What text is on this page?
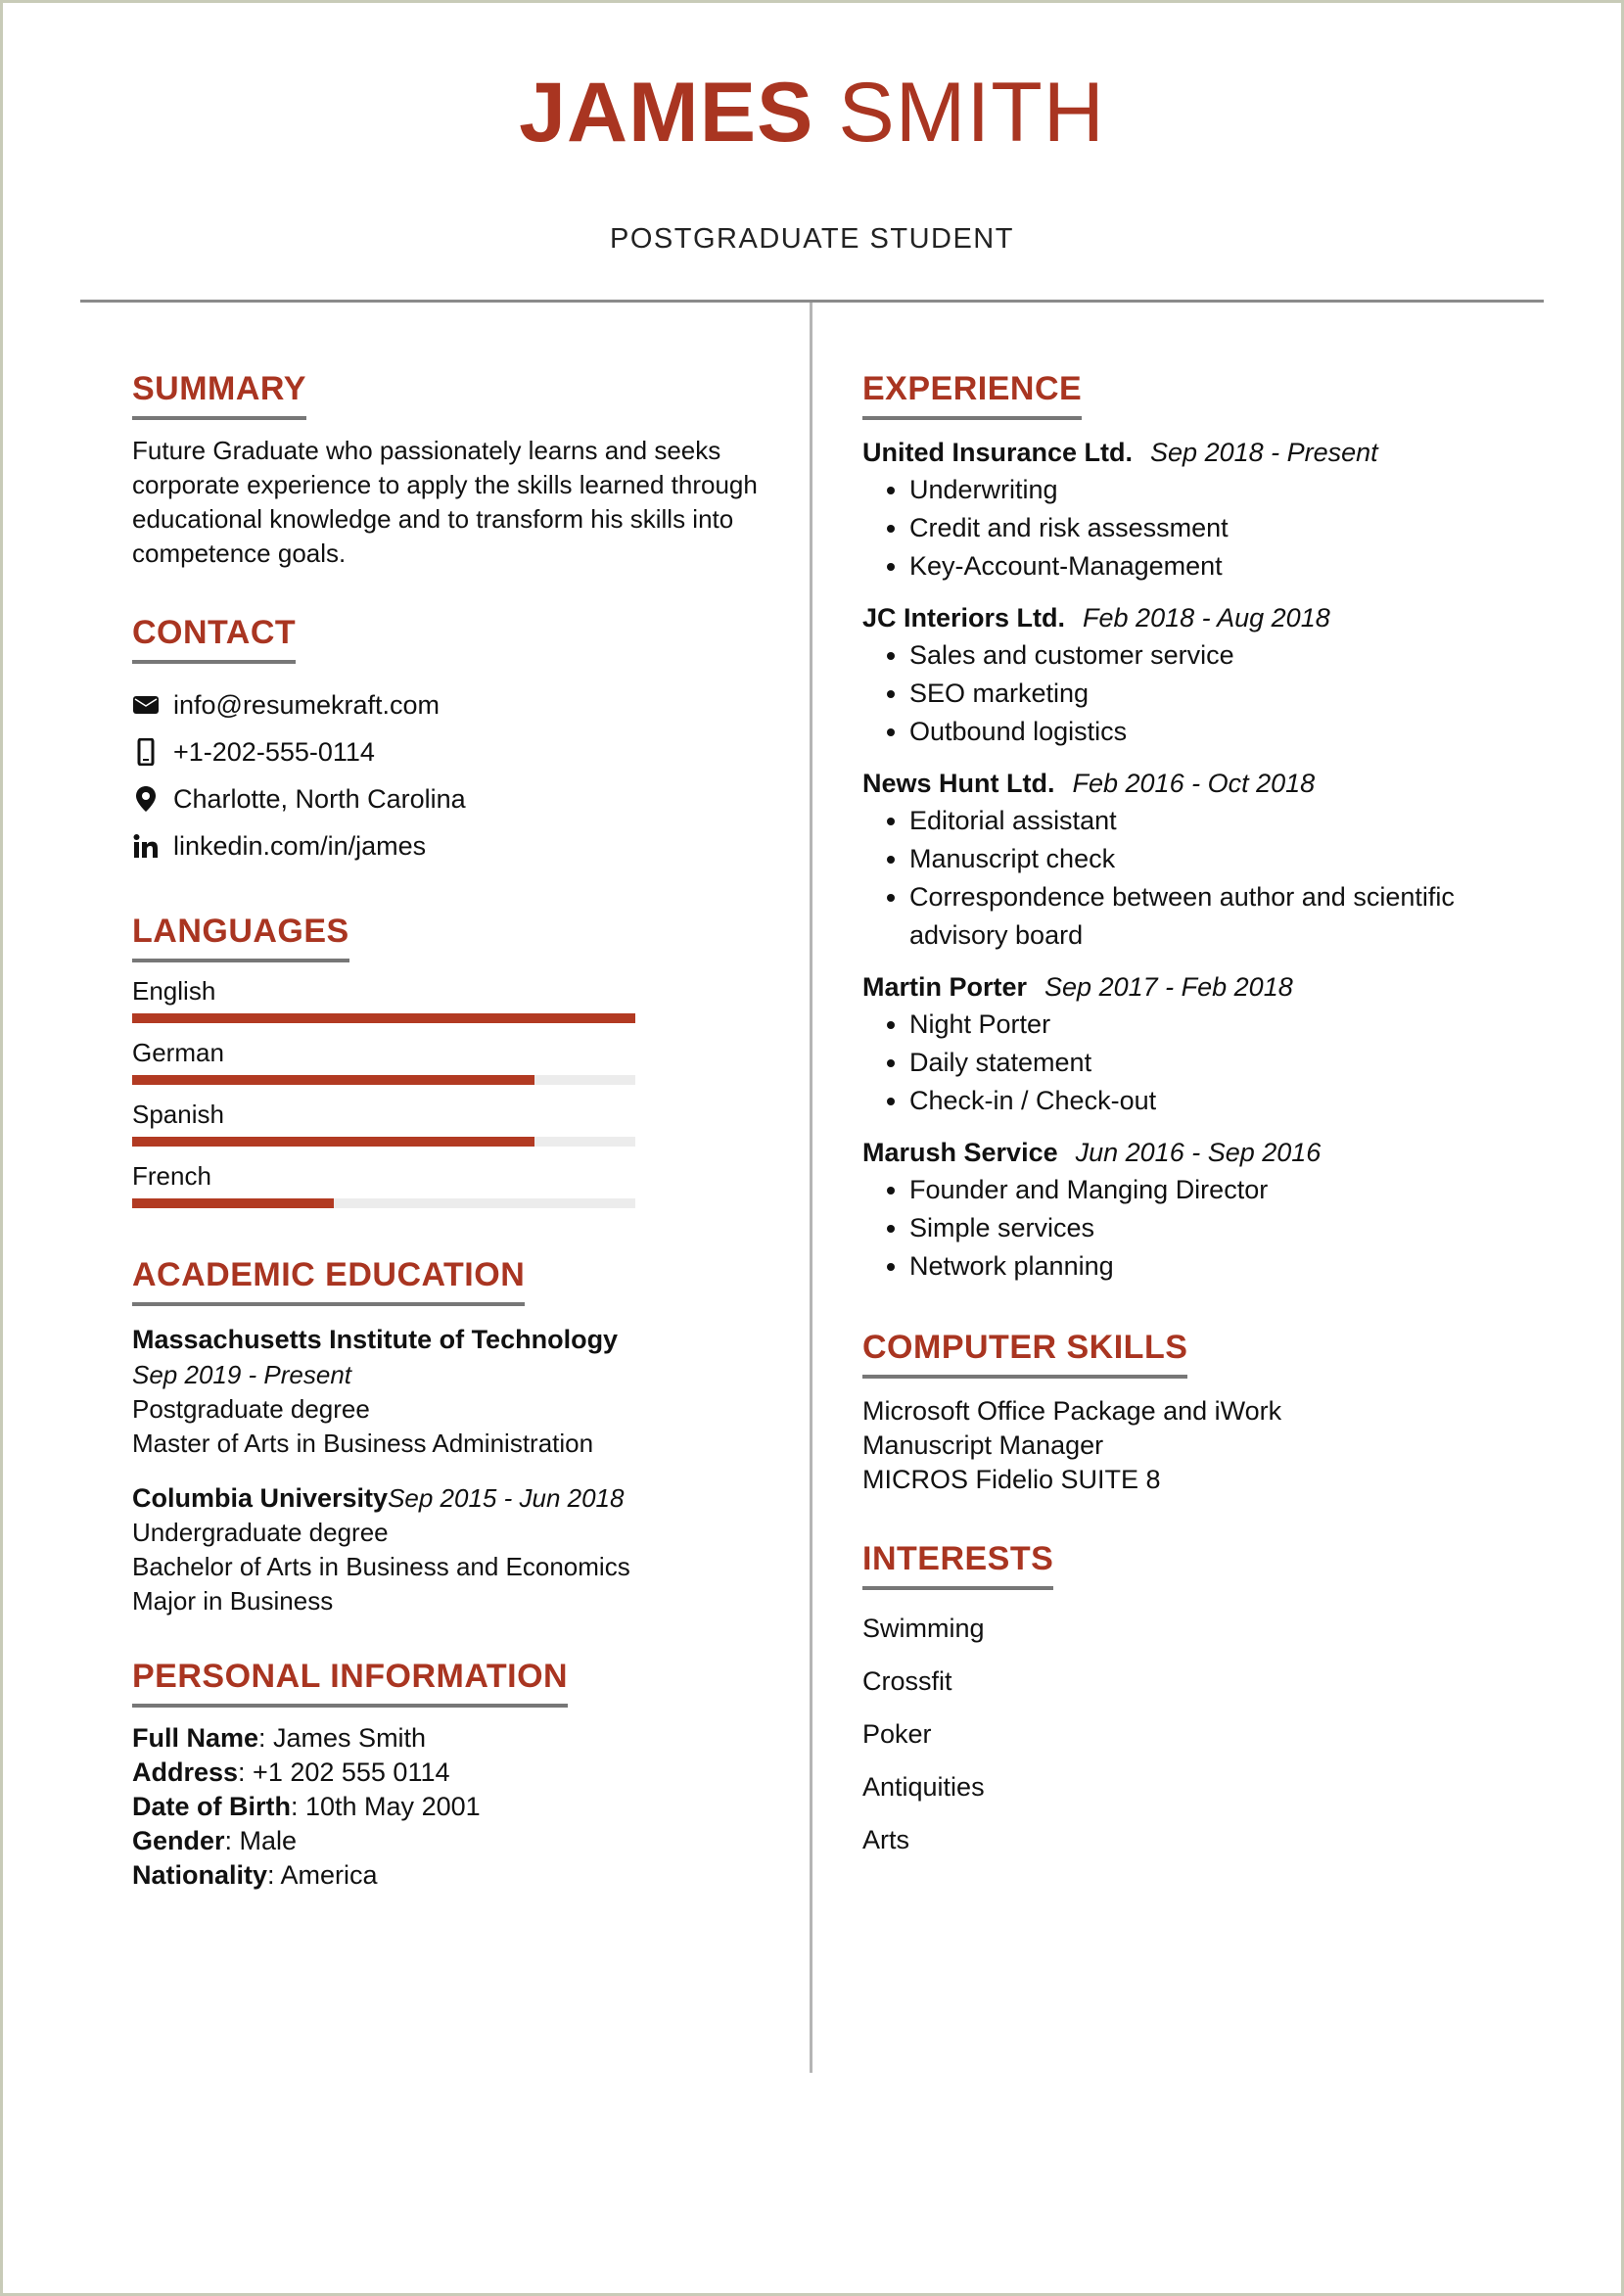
JAMES SMITH
POSTGRADUATE STUDENT
SUMMARY
Future Graduate who passionately learns and seeks corporate experience to apply the skills learned through educational knowledge and to transform his skills into competence goals.
CONTACT
info@resumekraft.com
+1-202-555-0114
Charlotte, North Carolina
linkedin.com/in/james
LANGUAGES
English
German
Spanish
French
ACADEMIC EDUCATION
Massachusetts Institute of Technology
Sep 2019 - Present
Postgraduate degree
Master of Arts in Business Administration
Columbia University Sep 2015 - Jun 2018
Undergraduate degree
Bachelor of Arts in Business and Economics
Major in Business
PERSONAL INFORMATION
Full Name: James Smith
Address: +1 202 555 0114
Date of Birth: 10th May 2001
Gender: Male
Nationality: America
EXPERIENCE
United Insurance Ltd. Sep 2018 - Present
• Underwriting
• Credit and risk assessment
• Key-Account-Management
JC Interiors Ltd. Feb 2018 - Aug 2018
• Sales and customer service
• SEO marketing
• Outbound logistics
News Hunt Ltd. Feb 2016 - Oct 2018
• Editorial assistant
• Manuscript check
• Correspondence between author and scientific advisory board
Martin Porter Sep 2017 - Feb 2018
• Night Porter
• Daily statement
• Check-in / Check-out
Marush Service Jun 2016 - Sep 2016
• Founder and Manging Director
• Simple services
• Network planning
COMPUTER SKILLS
Microsoft Office Package and iWork
Manuscript Manager
MICROS Fidelio SUITE 8
INTERESTS
Swimming
Crossfit
Poker
Antiquities
Arts
